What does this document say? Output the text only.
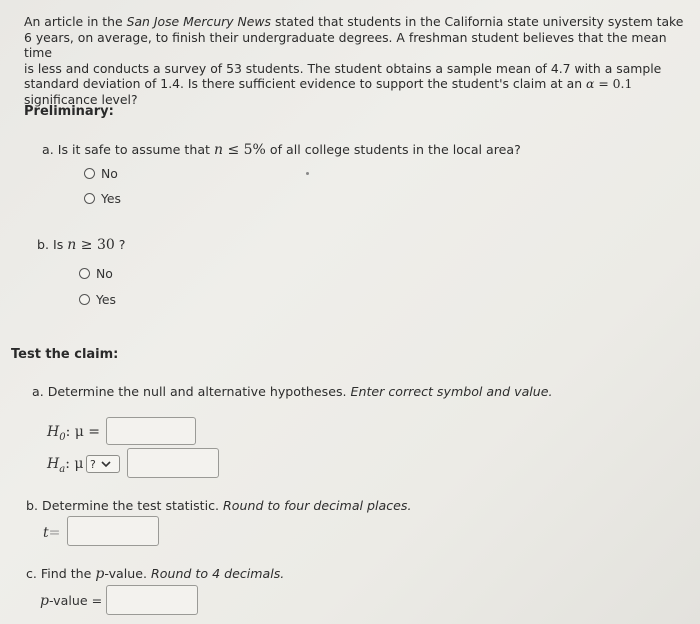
An article in the San Jose Mercury News stated that students in the California state university system take
6 years, on average, to finish their undergraduate degrees. A freshman student believes that the mean time
is less and conducts a survey of 53 students. The student obtains a sample mean of 4.7 with a sample
standard deviation of 1.4. Is there sufficient evidence to support the student's claim at an α = 0.1
significance level?
Preliminary:
a. Is it safe to assume that n ≤ 5% of all college students in the local area?
No
Yes
b. Is n ≥ 30 ?
No
Yes
Test the claim:
a. Determine the null and alternative hypotheses. Enter correct symbol and value.
$H_0$: μ =
$H_a$: μ ?
b. Determine the test statistic. Round to four decimal places.
t=
c. Find the p-value. Round to 4 decimals.
p-value =
